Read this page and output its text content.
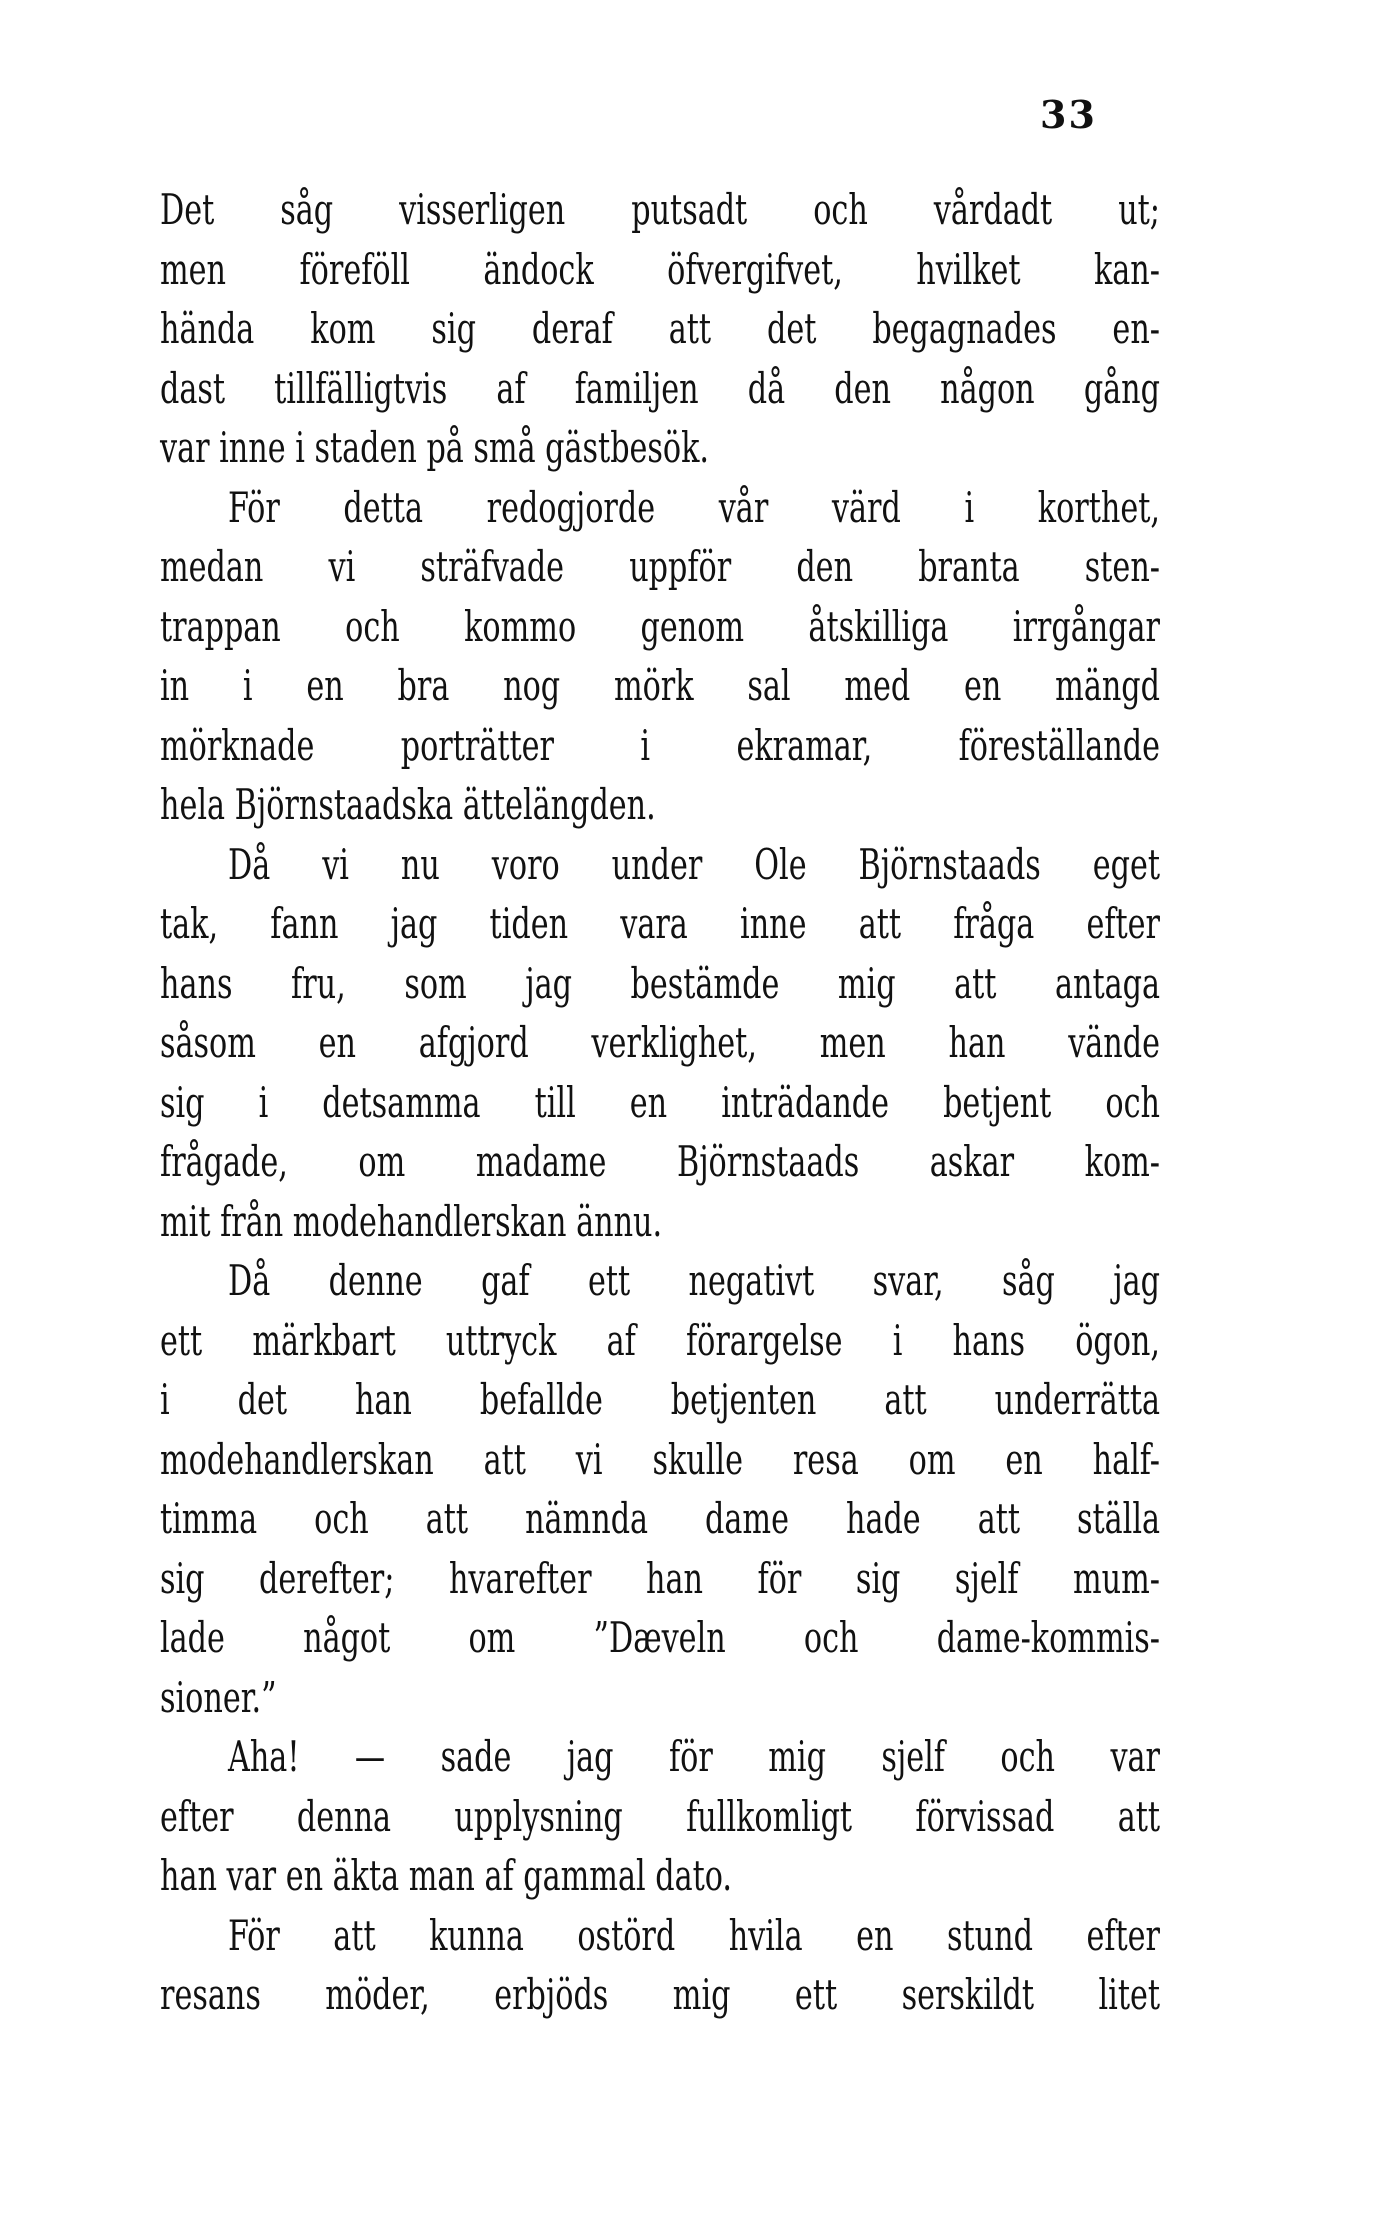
33
Det såg visserligen putsadt och vårdadt ut;
men föreföll ändock öfvergifvet, hvilket kan-
hända kom sig deraf att det begagnades en-
dast tillfälligtvis af familjen då den någon gång
var inne i staden på små gästbesök.
För detta redogjorde vår värd i korthet,
medan vi sträfvade uppför den branta sten-
trappan och kommo genom åtskilliga irrgångar
in i en bra nog mörk sal med en mängd
mörknade porträtter i ekramar, föreställande
hela Björnstaadska ättelängden.
Då vi nu voro under Ole Björnstaads eget
tak, fann jag tiden vara inne att fråga efter
hans fru, som jag bestämde mig att antaga
såsom en afgjord verklighet, men han vände
sig i detsamma till en inträdande betjent och
frågade, om madame Björnstaads askar kom-
mit från modehandlerskan ännu.
Då denne gaf ett negativt svar, såg jag
ett märkbart uttryck af förargelse i hans ögon,
i det han befallde betjenten att underrätta
modehandlerskan att vi skulle resa om en half-
timma och att nämnda dame hade att ställa
sig derefter; hvarefter han för sig sjelf mum-
lade något om ”Dæveln och dame-kommis-
sioner.”
Aha! — sade jag för mig sjelf och var
efter denna upplysning fullkomligt förvissad att
han var en äkta man af gammal dato.
För att kunna ostörd hvila en stund efter
resans möder, erbjöds mig ett serskildt litet
